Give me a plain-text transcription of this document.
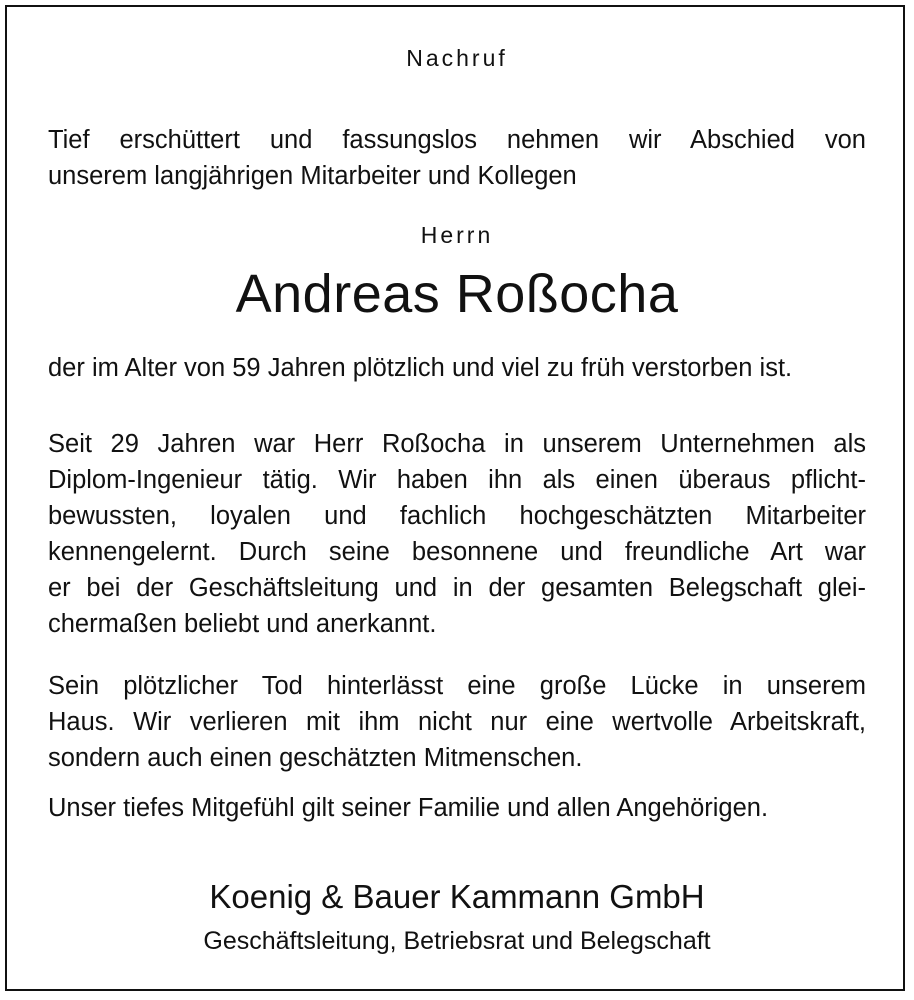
Nachruf
Tief erschüttert und fassungslos nehmen wir Abschied von
unserem langjährigen Mitarbeiter und Kollegen
Herrn
Andreas Roßocha
der im Alter von 59 Jahren plötzlich und viel zu früh verstorben ist.
Seit 29 Jahren war Herr Roßocha in unserem Unternehmen als
Diplom-Ingenieur tätig. Wir haben ihn als einen überaus pflicht-
bewussten, loyalen und fachlich hochgeschätzten Mitarbeiter
kennengelernt. Durch seine besonnene und freundliche Art war
er bei der Geschäftsleitung und in der gesamten Belegschaft glei-
chermaßen beliebt und anerkannt.
Sein plötzlicher Tod hinterlässt eine große Lücke in unserem
Haus. Wir verlieren mit ihm nicht nur eine wertvolle Arbeitskraft,
sondern auch einen geschätzten Mitmenschen.
Unser tiefes Mitgefühl gilt seiner Familie und allen Angehörigen.
Koenig & Bauer Kammann GmbH
Geschäftsleitung, Betriebsrat und Belegschaft
